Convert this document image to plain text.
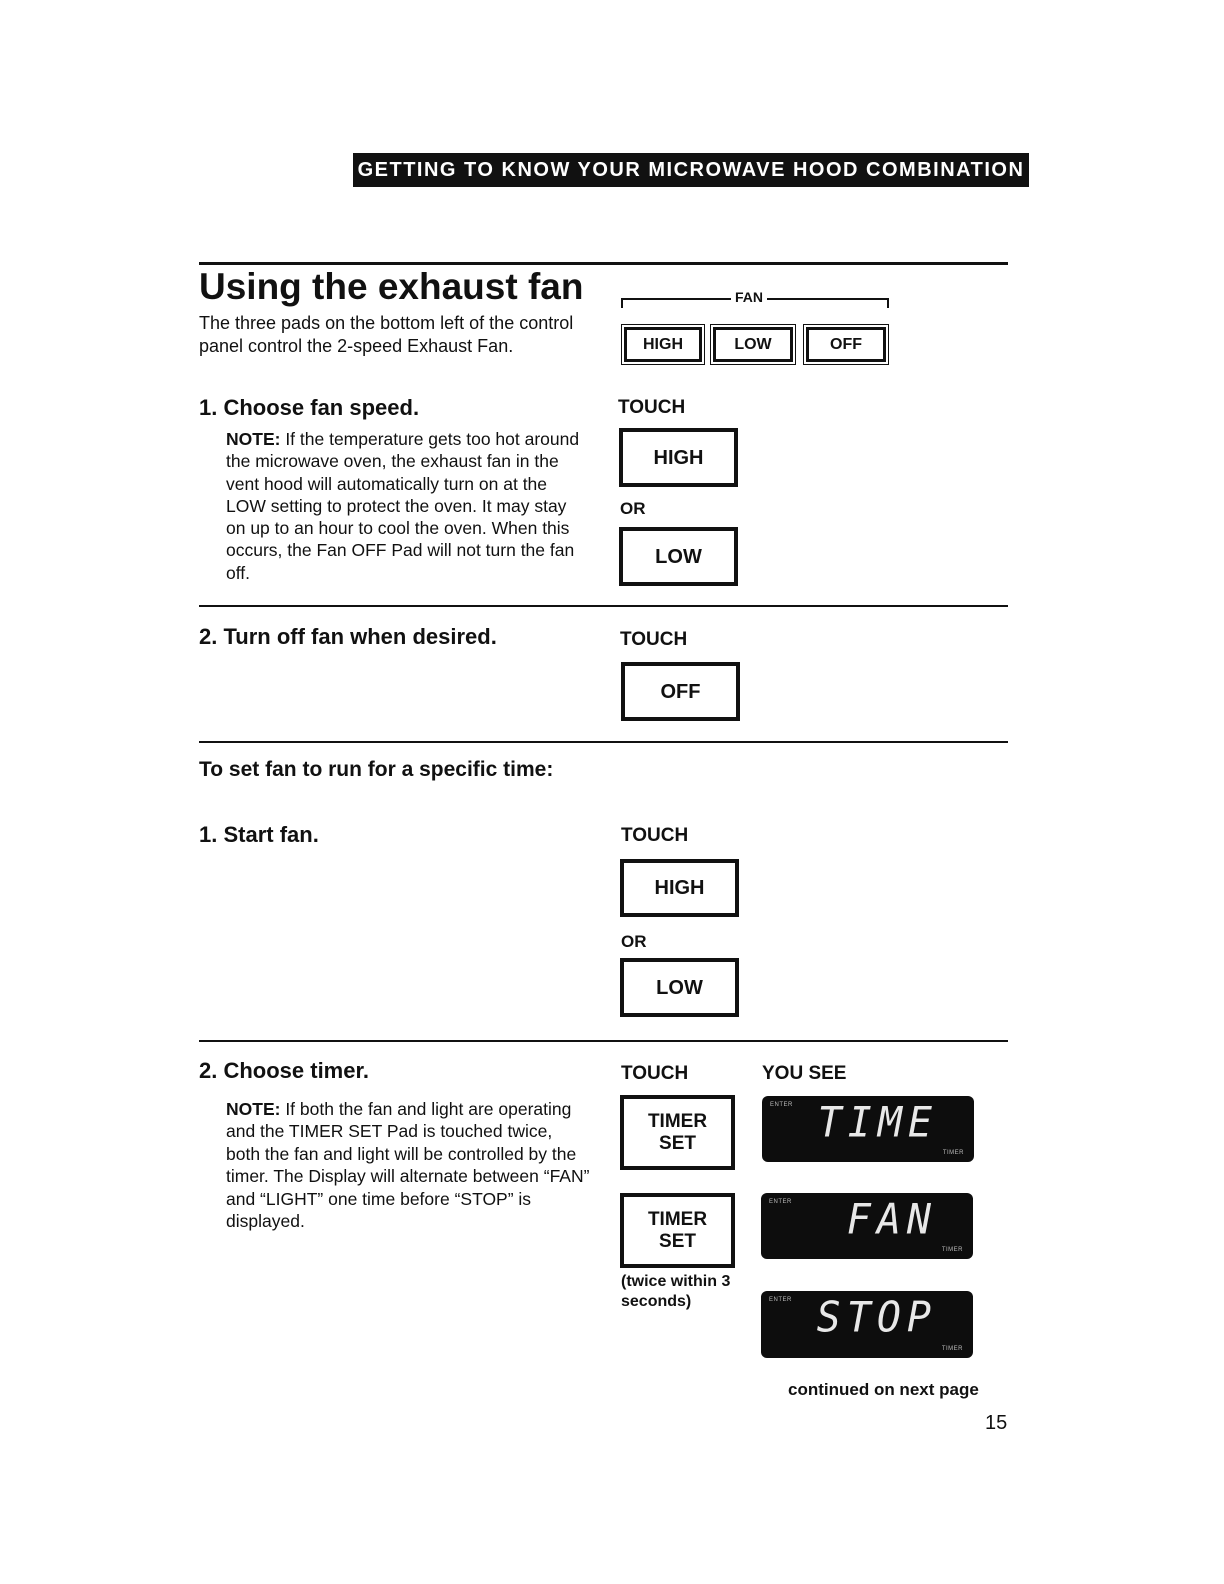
GETTING TO KNOW YOUR MICROWAVE HOOD COMBINATION
Using the exhaust fan
The three pads on the bottom left of the control panel control the 2-speed Exhaust Fan.
FAN
HIGH	LOW	OFF
1. Choose fan speed.
NOTE: If the temperature gets too hot around the microwave oven, the exhaust fan in the vent hood will automatically turn on at the LOW setting to protect the oven. It may stay on up to an hour to cool the oven. When this occurs, the Fan OFF Pad will not turn the fan off.
TOUCH
HIGH
OR
LOW
2. Turn off fan when desired.	TOUCH
OFF
To set fan to run for a specific time:
1. Start fan.	TOUCH
HIGH
OR
LOW
2. Choose timer.
NOTE: If both the fan and light are operating and the TIMER SET Pad is touched twice, both the fan and light will be controlled by the timer. The Display will alternate between “FAN” and “LIGHT” one time before “STOP” is displayed.
TOUCH	YOU SEE
TIMER
SET
TIMER
SET
(twice within 3 seconds)
ENTER TIME
TIMER
ENTER FAN
TIMER
ENTER STOP
TIMER
continued on next page
15
